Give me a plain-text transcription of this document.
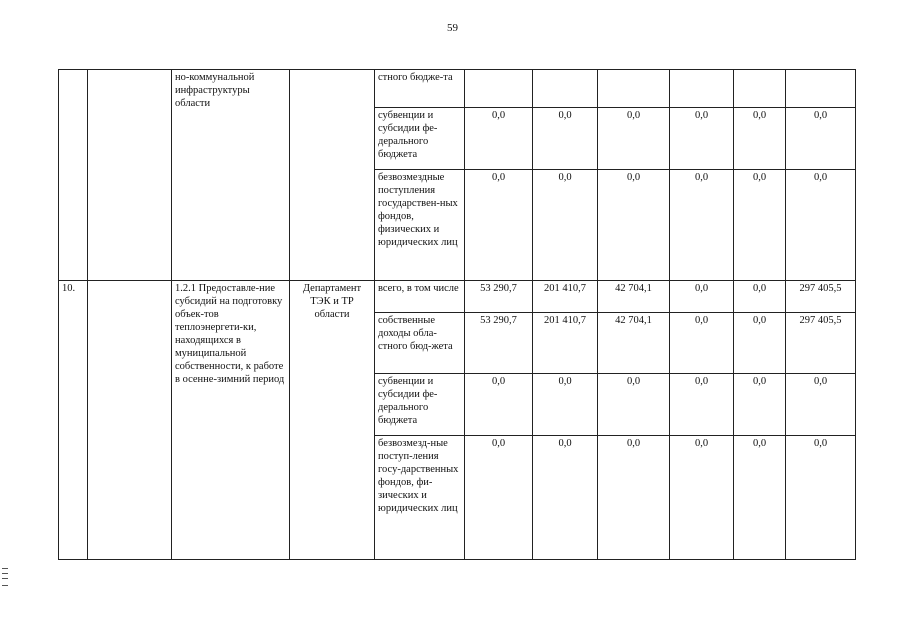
59
		но-коммунальной инфраструктуры области		стного бюдже-та						
				субвенции и субсидии фе-дерального бюджета	0,0	0,0	0,0	0,0	0,0	0,0
				безвозмездные поступления государствен-ных фондов, физических и юридических лиц	0,0	0,0	0,0	0,0	0,0	0,0
10.		1.2.1 Предоставле-ние субсидий на подготовку объек-тов теплоэнергети-ки, находящихся в муниципальной собственности, к работе в осенне-зимний период	Департамент ТЭК и ТР области	всего, в том числе	53 290,7	201 410,7	42 704,1	0,0	0,0	297 405,5
				собственные доходы обла-стного бюд-жета	53 290,7	201 410,7	42 704,1	0,0	0,0	297 405,5
				субвенции и субсидии фе-дерального бюджета	0,0	0,0	0,0	0,0	0,0	0,0
				безвозмезд-ные поступ-ления госу-дарственных фондов, фи-зических и юридических лиц	0,0	0,0	0,0	0,0	0,0	0,0
